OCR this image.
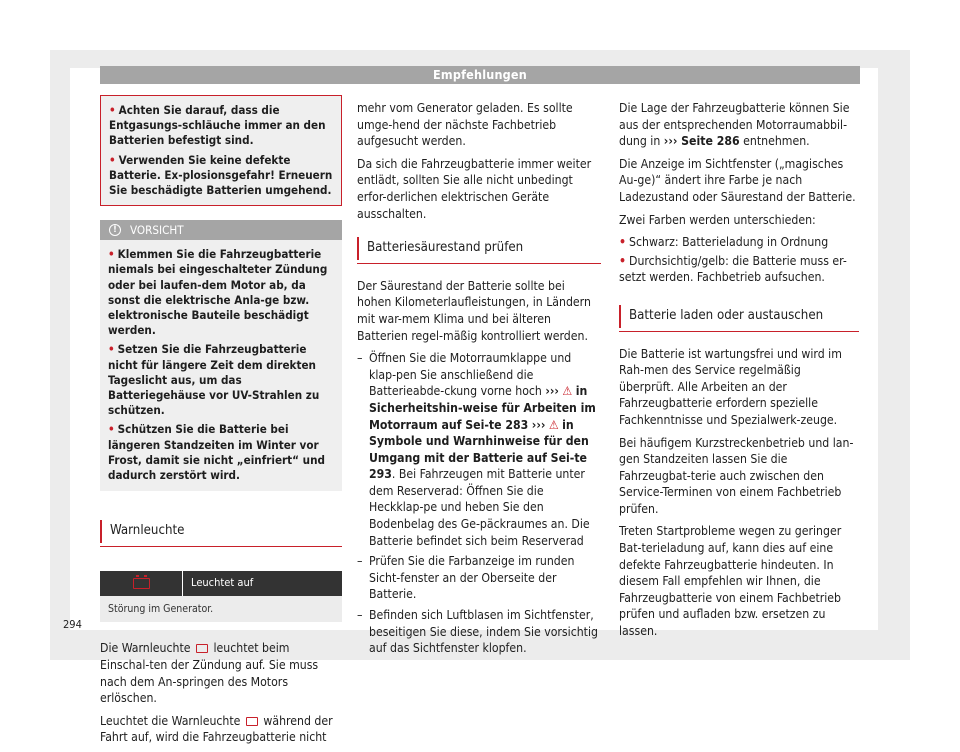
Empfehlungen
• Achten Sie darauf, dass die Entgasungs-schläuche immer an den Batterien befestigt sind.
• Verwenden Sie keine defekte Batterie. Ex-plosionsgefahr! Erneuern Sie beschädigte Batterien umgehend.
!	VORSICHT
• Klemmen Sie die Fahrzeugbatterie niemals bei eingeschalteter Zündung oder bei laufen-dem Motor ab, da sonst die elektrische Anla-ge bzw. elektronische Bauteile beschädigt werden.
• Setzen Sie die Fahrzeugbatterie nicht für längere Zeit dem direkten Tageslicht aus, um das Batteriegehäuse vor UV-Strahlen zu schützen.
• Schützen Sie die Batterie bei längeren Standzeiten im Winter vor Frost, damit sie nicht „einfriert“ und dadurch zerstört wird.
Warnleuchte
	Leuchtet auf
Störung im Generator.

Die Warnleuchte leuchtet beim Einschal-ten der Zündung auf. Sie muss nach dem An-springen des Motors erlöschen.

Leuchtet die Warnleuchte während der Fahrt auf, wird die Fahrzeugbatterie nicht

mehr vom Generator geladen. Es sollte umge-hend der nächste Fachbetrieb aufgesucht werden.

Da sich die Fahrzeugbatterie immer weiter entlädt, sollten Sie alle nicht unbedingt erfor-derlichen elektrischen Geräte ausschalten.

Batteriesäurestand prüfen

Der Säurestand der Batterie sollte bei hohen Kilometerlaufleistungen, in Ländern mit war-mem Klima und bei älteren Batterien regel-mäßig kontrolliert werden.

– Öffnen Sie die Motorraumklappe und klap-pen Sie anschließend die Batterieabde-ckung vorne hoch ››› ⚠ in Sicherheitshin-weise für Arbeiten im Motorraum auf Sei-te 283 ››› ⚠ in Symbole und Warnhinweise für den Umgang mit der Batterie auf Sei-te 293. Bei Fahrzeugen mit Batterie unter dem Reserverad: Öffnen Sie die Heckklap-pe und heben Sie den Bodenbelag des Ge-päckraumes an. Die Batterie befindet sich beim Reserverad
– Prüfen Sie die Farbanzeige im runden Sicht-fenster an der Oberseite der Batterie.
– Befinden sich Luftblasen im Sichtfenster, beseitigen Sie diese, indem Sie vorsichtig auf das Sichtfenster klopfen.

Die Lage der Fahrzeugbatterie können Sie aus der entsprechenden Motorraumabbil-dung in ››› Seite 286 entnehmen.

Die Anzeige im Sichtfenster („magisches Au-ge)“ ändert ihre Farbe je nach Ladezustand oder Säurestand der Batterie.

Zwei Farben werden unterschieden:

• Schwarz: Batterieladung in Ordnung
• Durchsichtig/gelb: die Batterie muss er-setzt werden. Fachbetrieb aufsuchen.
Batterie laden oder austauschen

Die Batterie ist wartungsfrei und wird im Rah-men des Service regelmäßig überprüft. Alle Arbeiten an der Fahrzeugbatterie erfordern spezielle Fachkenntnisse und Spezialwerk-zeuge.

Bei häufigem Kurzstreckenbetrieb und lan-gen Standzeiten lassen Sie die Fahrzeugbat-terie auch zwischen den Service-Terminen von einem Fachbetrieb prüfen.

Treten Startprobleme wegen zu geringer Bat-terieladung auf, kann dies auf eine defekte Fahrzeugbatterie hindeuten. In diesem Fall empfehlen wir Ihnen, die Fahrzeugbatterie von einem Fachbetrieb prüfen und aufladen bzw. ersetzen zu lassen.

294
